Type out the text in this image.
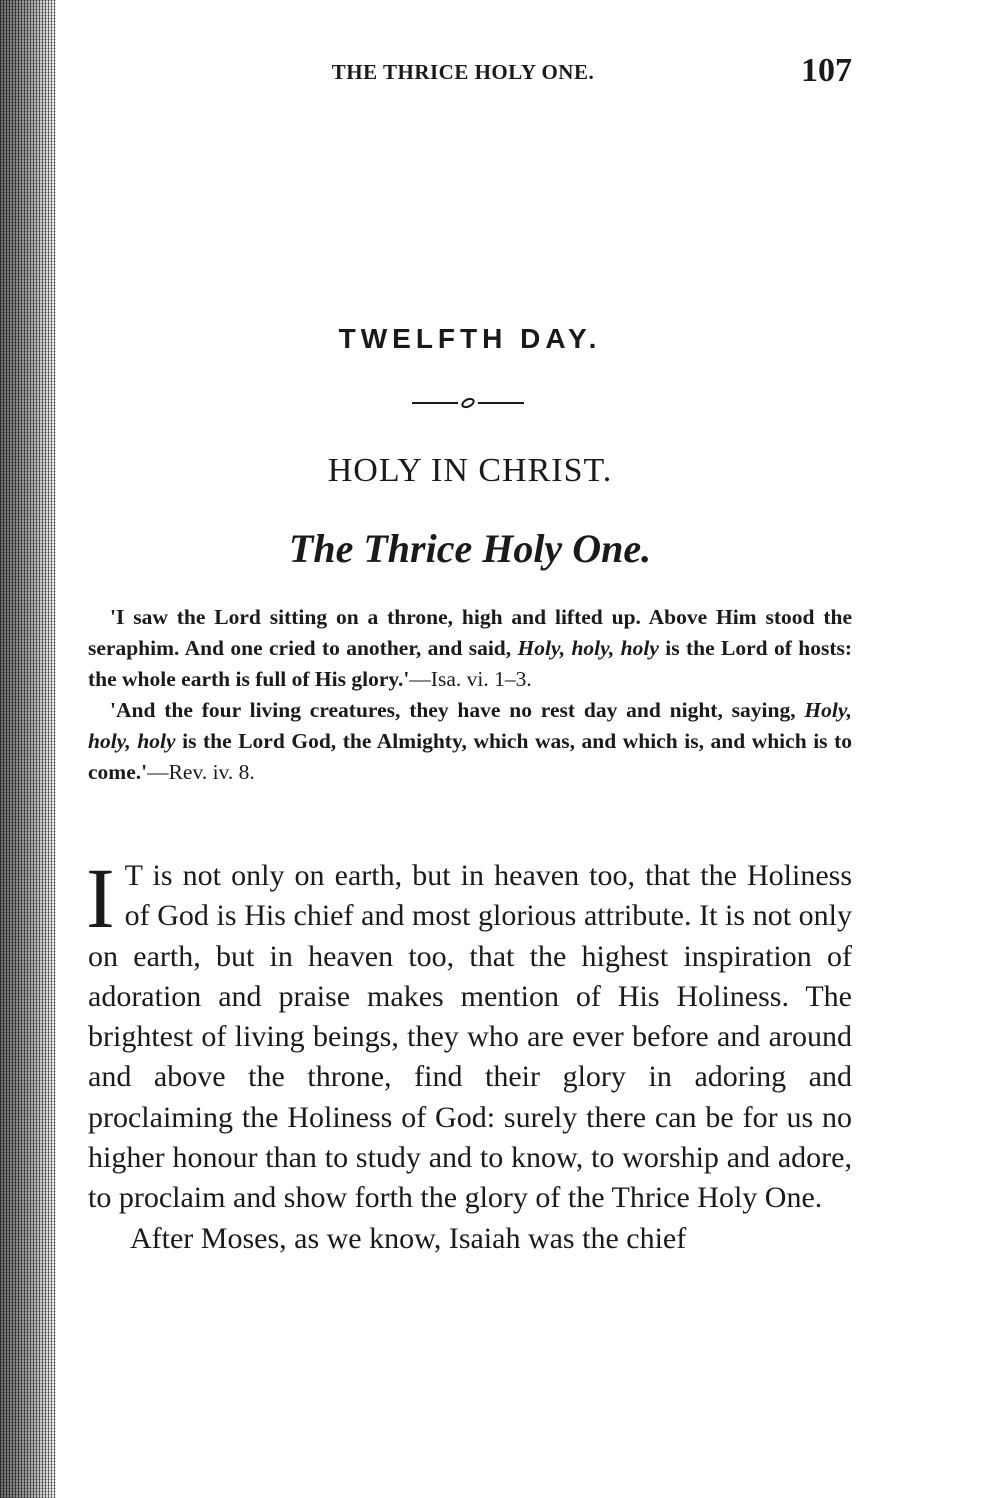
THE THRICE HOLY ONE.	107
TWELFTH DAY.
HOLY IN CHRIST.
The Thrice Holy One.

'I saw the Lord sitting on a throne, high and lifted up. Above Him stood the seraphim. And one cried to another, and said, Holy, holy, holy is the Lord of hosts: the whole earth is full of His glory.'—Isa. vi. 1–3.

'And the four living creatures, they have no rest day and night, saying, Holy, holy, holy is the Lord God, the Almighty, which was, and which is, and which is to come.'—Rev. iv. 8.

I T is not only on earth, but in heaven too, that the Holiness of God is His chief and most glorious attribute. It is not only on earth, but in heaven too, that the highest inspiration of adoration and praise makes mention of His Holiness. The brightest of living beings, they who are ever before and around and above the throne, find their glory in adoring and proclaiming the Holiness of God: surely there can be for us no higher honour than to study and to know, to worship and adore, to proclaim and show forth the glory of the Thrice Holy One.

After Moses, as we know, Isaiah was the chief
